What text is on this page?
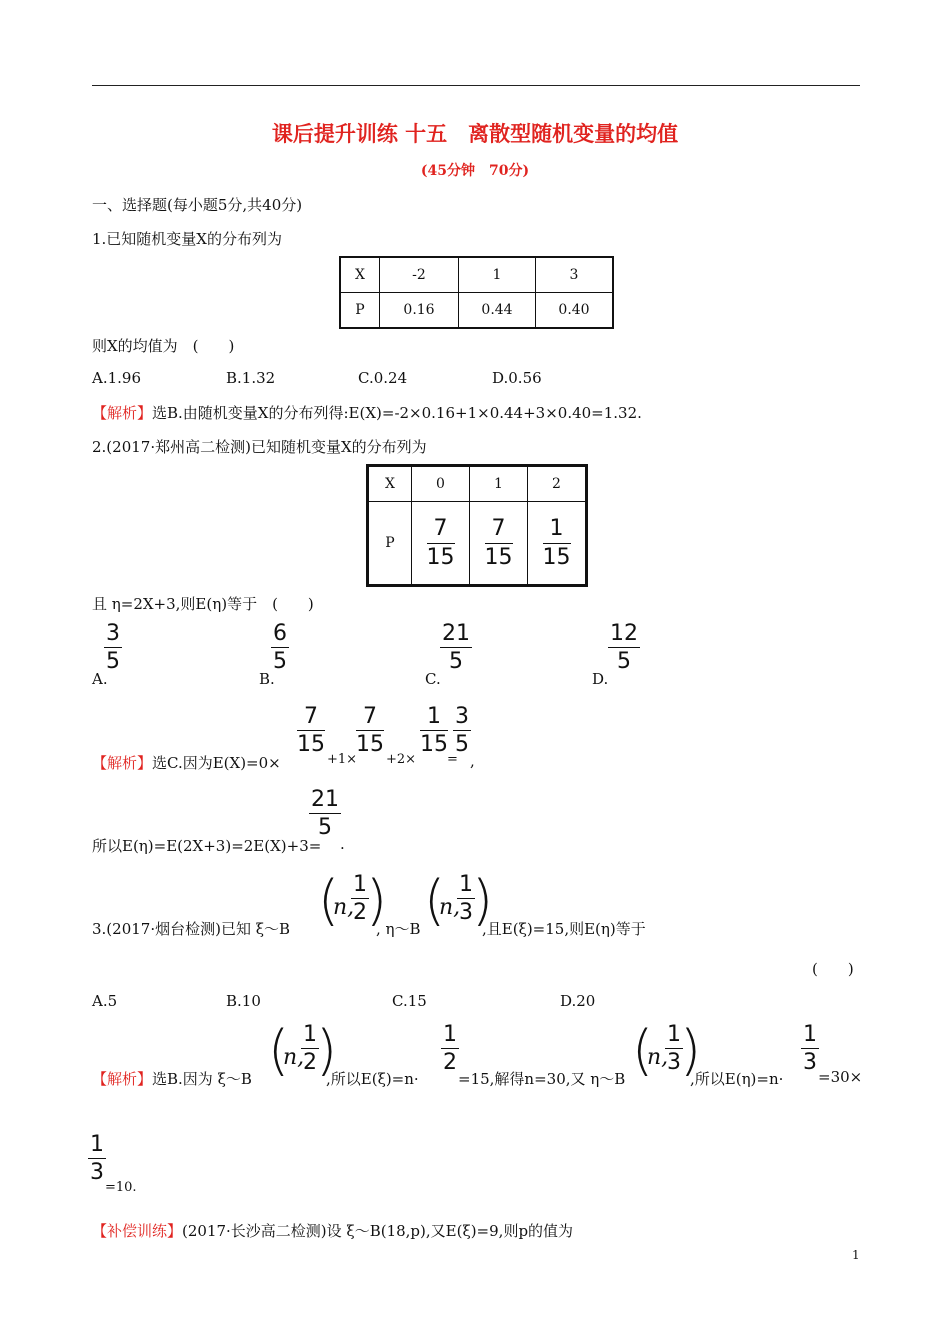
课后提升训练 十五　离散型随机变量的均值
(45分钟　70分)
一、选择题(每小题5分,共40分)
1.已知随机变量X的分布列为
X	-2	1	3
P	0.16	0.44	0.40
则X的均值为　(　　)
A.1.96	B.1.32	C.0.24	D.0.56
【解析】选B.由随机变量X的分布列得:E(X)=-2×0.16+1×0.44+3×0.40=1.32.
2.(2017·郑州高二检测)已知随机变量X的分布列为
X	0	1	2
P	$\frac{7}{15}$	$\frac{7}{15}$	$\frac{1}{15}$
且 η=2X+3,则E(η)等于　(　　)
A.
$\frac{3}{5}$
B.
$\frac{6}{5}$
C.
$\frac{21}{5}$
D.
$\frac{12}{5}$
【解析】选C.因为E(X)=0×
$\frac{7}{15}$
+1×
$\frac{7}{15}$
+2×
$\frac{1}{15}$
=
$\frac{3}{5}$
,
所以E(η)=E(2X+3)=2E(X)+3=
$\frac{21}{5}$
.
3.(2017·烟台检测)已知 ξ～B (
n,
$\frac{1}{2}$
)
, η～B (
n,
$\frac{1}{3}$
)
,且E(ξ)=15,则E(η)等于
(　　)
A.5	B.10	C.15	D.20
【解析】选B.因为 ξ～B (
n,
$\frac{1}{2}$
)
,所以E(ξ)=n·
$\frac{1}{2}$
=15,解得n=30,又 η～B (
n,
$\frac{1}{3}$
)
,所以E(η)=n·
$\frac{1}{3}$
=30×
$\frac{1}{3}$
=10.
【补偿训练】(2017·长沙高二检测)设 ξ～B(18,p),又E(ξ)=9,则p的值为
1
